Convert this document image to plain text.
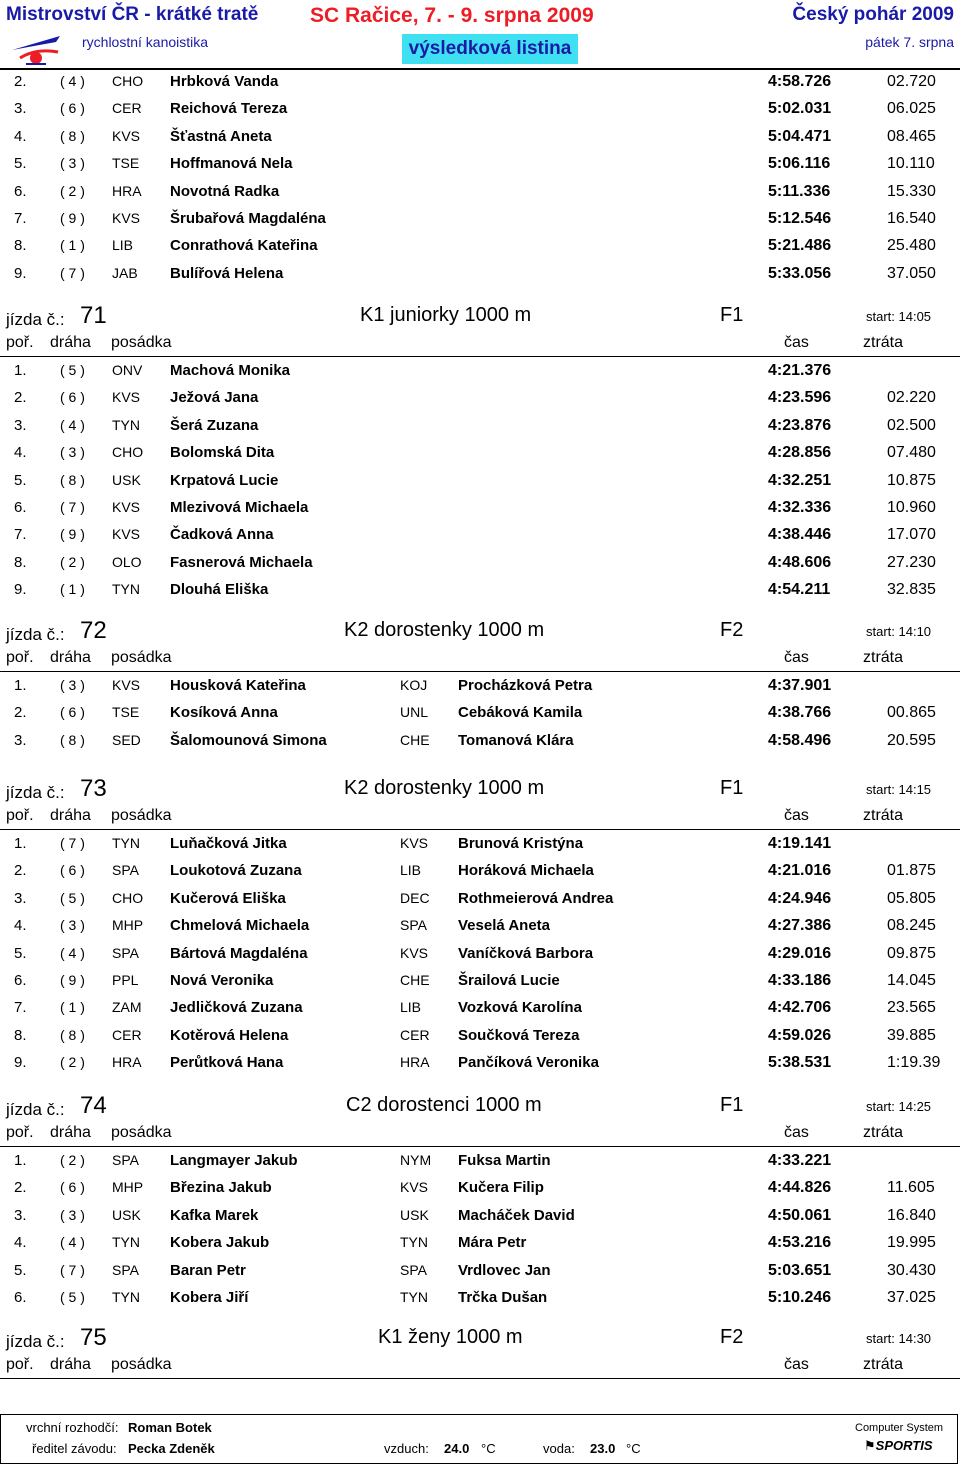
Mistrovství ČR - krátké tratě SC Račice, 7. - 9. srpna 2009	Český pohár 2009
rychlostní kanoistika	výsledková listina	pátek 7. srpna
2. ( 4 ) CHO Hrbková Vanda	4:58.726	02.720
3. ( 6 ) CER Reichová Tereza	5:02.031	06.025
4. ( 8 ) KVS Šťastná Aneta	5:04.471	08.465
5. ( 3 ) TSE Hoffmanová Nela	5:06.116	10.110
6. ( 2 ) HRA Novotná Radka	5:11.336	15.330
7. ( 9 ) KVS Šrubařová Magdaléna	5:12.546	16.540
8. ( 1 ) LIB Conrathová Kateřina	5:21.486	25.480
9. ( 7 ) JAB Bulířová Helena	5:33.056	37.050
jízda č.: 71	K1 juniorky 1000 m	F1	start: 14:05
poř. dráha posádka	čas	ztráta
1. ( 5 ) ONV Machová Monika	4:21.376
2. ( 6 ) KVS Ježová Jana	4:23.596	02.220
3. ( 4 ) TYN Šerá Zuzana	4:23.876	02.500
4. ( 3 ) CHO Bolomská Dita	4:28.856	07.480
5. ( 8 ) USK Krpatová Lucie	4:32.251	10.875
6. ( 7 ) KVS Mlezivová Michaela	4:32.336	10.960
7. ( 9 ) KVS Čadková Anna	4:38.446	17.070
8. ( 2 ) OLO Fasnerová Michaela	4:48.606	27.230
9. ( 1 ) TYN Dlouhá Eliška	4:54.211	32.835
jízda č.: 72	K2 dorostenky 1000 m	F2	start: 14:10
poř. dráha posádka	čas	ztráta
1. ( 3 ) KVS Housková Kateřina	KOJ Procházková Petra	4:37.901
2. ( 6 ) TSE Kosíková Anna	UNL Cebáková Kamila	4:38.766	00.865
3. ( 8 ) SED Šalomounová Simona	CHE Tomanová Klára	4:58.496	20.595
jízda č.: 73	K2 dorostenky 1000 m	F1	start: 14:15
poř. dráha posádka	čas	ztráta
1. ( 7 ) TYN Luňačková Jitka	KVS Brunová Kristýna	4:19.141
2. ( 6 ) SPA Loukotová Zuzana	LIB Horáková Michaela	4:21.016	01.875
3. ( 5 ) CHO Kučerová Eliška	DEC Rothmeierová Andrea	4:24.946	05.805
4. ( 3 ) MHP Chmelová Michaela	SPA Veselá Aneta	4:27.386	08.245
5. ( 4 ) SPA Bártová Magdaléna	KVS Vaníčková Barbora	4:29.016	09.875
6. ( 9 ) PPL Nová Veronika	CHE Šrailová Lucie	4:33.186	14.045
7. ( 1 ) ZAM Jedličková Zuzana	LIB Vozková Karolína	4:42.706	23.565
8. ( 8 ) CER Kotěrová Helena	CER Součková Tereza	4:59.026	39.885
9. ( 2 ) HRA Perůtková Hana	HRA Pančíková Veronika	5:38.531	1:19.39
jízda č.: 74	C2 dorostenci 1000 m	F1	start: 14:25
poř. dráha posádka	čas	ztráta
1. ( 2 ) SPA Langmayer Jakub	NYM Fuksa Martin	4:33.221
2. ( 6 ) MHP Březina Jakub	KVS Kučera Filip	4:44.826	11.605
3. ( 3 ) USK Kafka Marek	USK Macháček David	4:50.061	16.840
4. ( 4 ) TYN Kobera Jakub	TYN Mára Petr	4:53.216	19.995
5. ( 7 ) SPA Baran Petr	SPA Vrdlovec Jan	5:03.651	30.430
6. ( 5 ) TYN Kobera Jiří	TYN Trčka Dušan	5:10.246	37.025
jízda č.: 75	K1 ženy 1000 m	F2	start: 14:30
poř. dráha posádka	čas	ztráta
vrchní rozhodčí: Roman Botek
ředitel závodu: Pecka Zdeněk	vzduch: 24.0 °C	voda: 23.0 °C
Computer System
⚑SPORTIS
